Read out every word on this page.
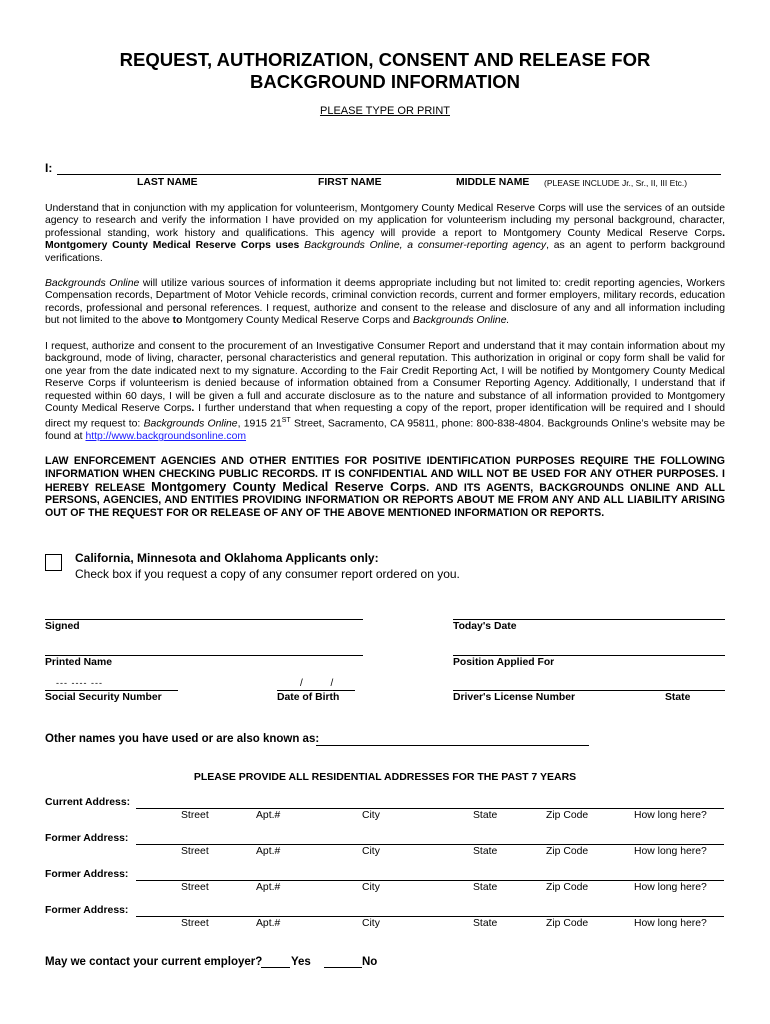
REQUEST, AUTHORIZATION, CONSENT AND RELEASE FOR
BACKGROUND INFORMATION
PLEASE TYPE OR PRINT
I:
LAST NAME	FIRST NAME	MIDDLE NAME (PLEASE INCLUDE Jr., Sr., II, III Etc.)
Understand that in conjunction with my application for volunteerism, Montgomery County Medical Reserve Corps will use the services of an outside agency to research and verify the information I have provided on my application for volunteerism including my personal background, character, professional standing, work history and qualifications. This agency will provide a report to Montgomery County Medical Reserve Corps. Montgomery County Medical Reserve Corps uses Backgrounds Online, a consumer-reporting agency, as an agent to perform background verifications.
Backgrounds Online will utilize various sources of information it deems appropriate including but not limited to: credit reporting agencies, Workers Compensation records, Department of Motor Vehicle records, criminal conviction records, current and former employers, military records, education records, professional and personal references. I request, authorize and consent to the release and disclosure of any and all information including but not limited to the above to Montgomery County Medical Reserve Corps and Backgrounds Online.
I request, authorize and consent to the procurement of an Investigative Consumer Report and understand that it may contain information about my background, mode of living, character, personal characteristics and general reputation. This authorization in original or copy form shall be valid for one year from the date indicated next to my signature. According to the Fair Credit Reporting Act, I will be notified by Montgomery County Medical Reserve Corps if volunteerism is denied because of information obtained from a Consumer Reporting Agency. Additionally, I understand that if requested within 60 days, I will be given a full and accurate disclosure as to the nature and substance of all information provided to Montgomery County Medical Reserve Corps. I further understand that when requesting a copy of the report, proper identification will be required and I should direct my request to: Backgrounds Online, 1915 21ST Street, Sacramento, CA 95811, phone: 800-838-4804. Backgrounds Online’s website may be found at http://www.backgroundsonline.com
LAW ENFORCEMENT AGENCIES AND OTHER ENTITIES FOR POSITIVE IDENTIFICATION PURPOSES REQUIRE THE FOLLOWING INFORMATION WHEN CHECKING PUBLIC RECORDS. IT IS CONFIDENTIAL AND WILL NOT BE USED FOR ANY OTHER PURPOSES. I HEREBY RELEASE Montgomery County Medical Reserve Corps. AND ITS AGENTS, BACKGROUNDS ONLINE AND ALL PERSONS, AGENCIES, AND ENTITIES PROVIDING INFORMATION OR REPORTS ABOUT ME FROM ANY AND ALL LIABILITY ARISING OUT OF THE REQUEST FOR OR RELEASE OF ANY OF THE ABOVE MENTIONED INFORMATION OR REPORTS.
California, Minnesota and Oklahoma Applicants only:
Check box if you request a copy of any consumer report ordered on you.
Signed	Today's Date
Printed Name	Position Applied For
--- ---- ---
Social Security Number
/          /
Date of Birth	Driver's License Number	State
Other names you have used or are also known as:
PLEASE PROVIDE ALL RESIDENTIAL ADDRESSES FOR THE PAST 7 YEARS
Current Address:
Street	Apt.#	City	State	Zip Code	How long here?
Former Address:
Street	Apt.#	City	State	Zip Code	How long here?
Former Address:
Street	Apt.#	City	State	Zip Code	How long here?
Former Address:
Street	Apt.#	City	State	Zip Code	How long here?
May we contact your current employer? Yes	No
